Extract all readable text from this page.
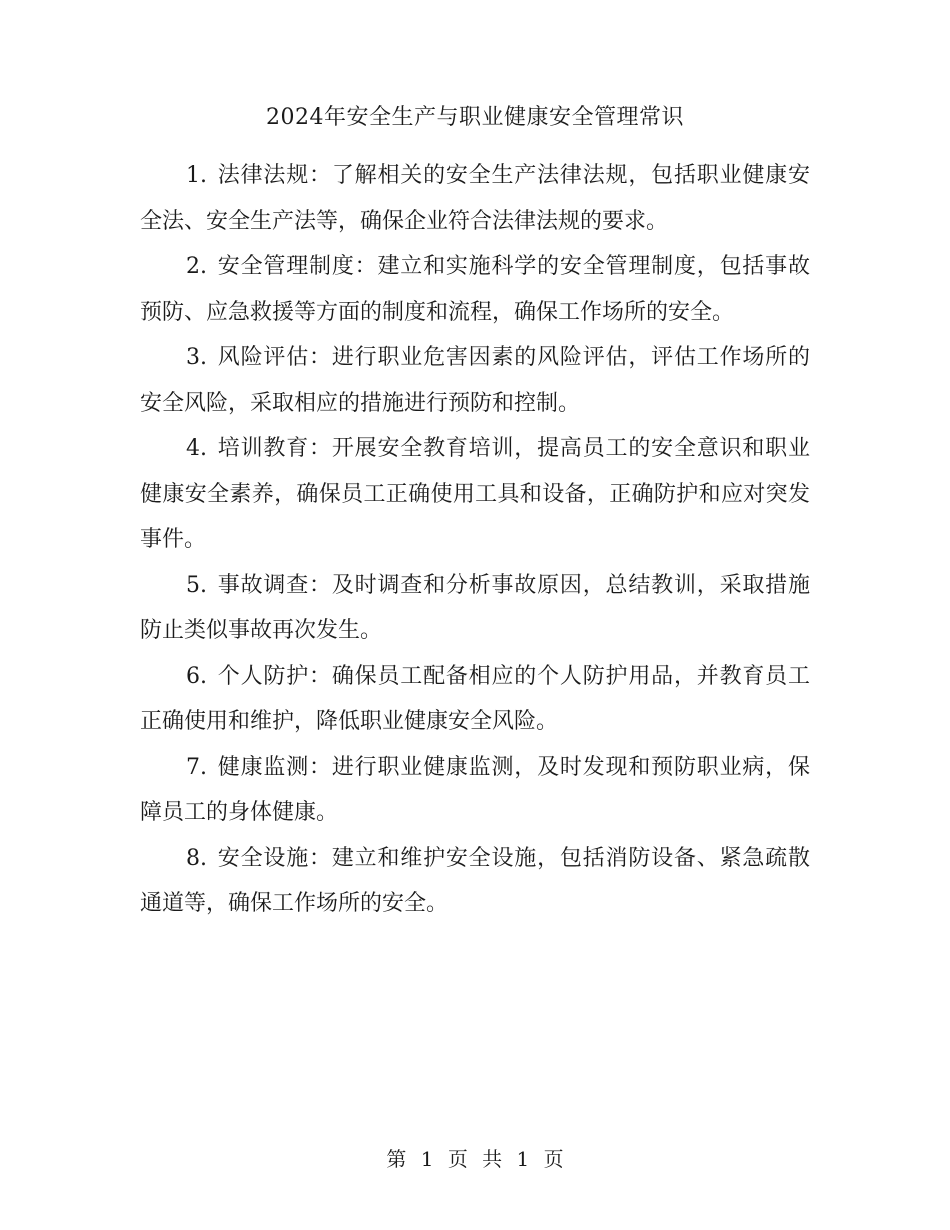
2024年安全生产与职业健康安全管理常识

1. 法律法规：了解相关的安全生产法律法规，包括职业健康安全法、安全生产法等，确保企业符合法律法规的要求。

2. 安全管理制度：建立和实施科学的安全管理制度，包括事故预防、应急救援等方面的制度和流程，确保工作场所的安全。

3. 风险评估：进行职业危害因素的风险评估，评估工作场所的安全风险，采取相应的措施进行预防和控制。

4. 培训教育：开展安全教育培训，提高员工的安全意识和职业健康安全素养，确保员工正确使用工具和设备，正确防护和应对突发事件。

5. 事故调查：及时调查和分析事故原因，总结教训，采取措施防止类似事故再次发生。

6. 个人防护：确保员工配备相应的个人防护用品，并教育员工正确使用和维护，降低职业健康安全风险。

7. 健康监测：进行职业健康监测，及时发现和预防职业病，保障员工的身体健康。

8. 安全设施：建立和维护安全设施，包括消防设备、紧急疏散通道等，确保工作场所的安全。

第 1 页 共 1 页
